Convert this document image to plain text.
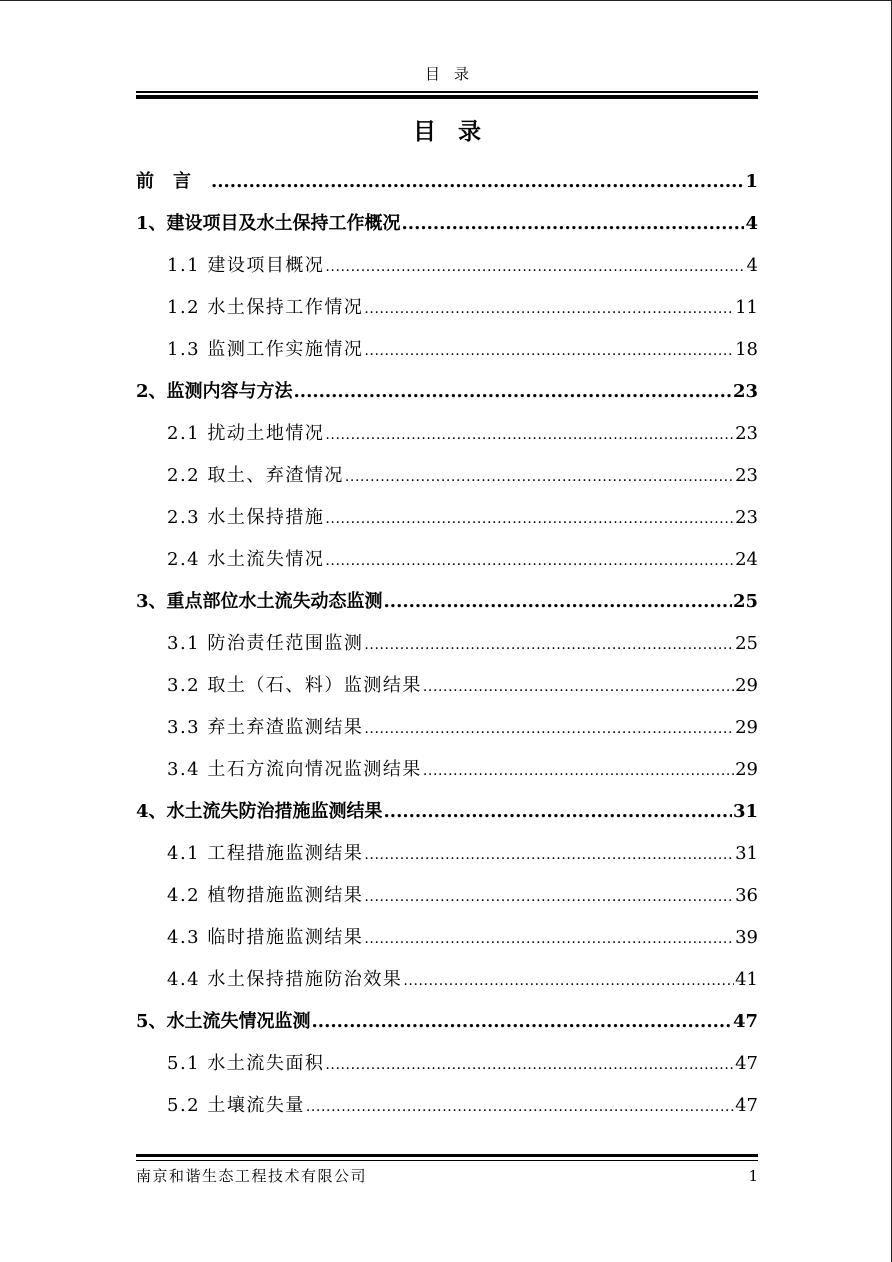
目录
目录
前言 .....	1
1、建设项目及水土保持工作概况 .....	4
1.1 建设项目概况 .....	4
1.2 水土保持工作情况 .....	11
1.3 监测工作实施情况 .....	18
2、监测内容与方法 .....	23
2.1 扰动土地情况 .....	23
2.2 取土、弃渣情况 .....	23
2.3 水土保持措施 .....	23
2.4 水土流失情况 .....	24
3、重点部位水土流失动态监测 .....	25
3.1 防治责任范围监测 .....	25
3.2 取土（石、料）监测结果 .....	29
3.3 弃土弃渣监测结果 .....	29
3.4 土石方流向情况监测结果 .....	29
4、水土流失防治措施监测结果 .....	31
4.1 工程措施监测结果 .....	31
4.2 植物措施监测结果 .....	36
4.3 临时措施监测结果 .....	39
4.4 水土保持措施防治效果 .....	41
5、水土流失情况监测 .....	47
5.1 水土流失面积 .....	47
5.2 土壤流失量 .....	47
南京和谐生态工程技术有限公司	1
